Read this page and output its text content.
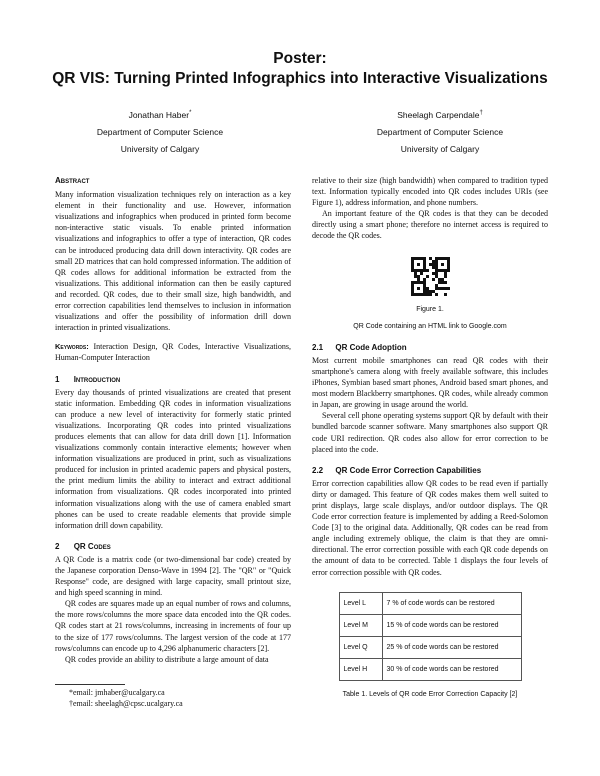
Poster:
QR VIS: Turning Printed Infographics into Interactive Visualizations
Jonathan Haber*
Department of Computer Science
University of Calgary
Sheelagh Carpendale†
Department of Computer Science
University of Calgary
Abstract

Many information visualization techniques rely on interaction as a key element in their functionality and use. However, information visualizations and infographics when produced in printed form become non-interactive static visuals. To enable printed information visualizations and infographics to offer a type of interaction, QR codes can be introduced producing data drill down interactivity. QR codes are small 2D matrices that can hold compressed information. The addition of QR codes allows for additional information be extracted from the visualizations. This additional information can then be easily captured and recorded. QR codes, due to their small size, high bandwidth, and error correction capabilities lend themselves to inclusion in information visualizations and offer the possibility of information drill down interaction in printed visualizations.

Keywords: Interaction Design, QR Codes, Interactive Visualizations, Human-Computer Interaction

1 Introduction

Every day thousands of printed visualizations are created that present static information. Embedding QR codes in information visualizations can produce a new level of interactivity for formerly static printed visualizations. Incorporating QR codes into printed visualizations produces elements that can allow for data drill down [1]. Information visualizations commonly contain interactive elements; however when information visualizations are produced in print, such as visualizations produced for inclusion in printed academic papers and physical posters, the print medium limits the ability to interact and extract additional information from visualizations. QR codes incorporated into printed information visualizations along with the use of camera enabled smart phones can be used to create readable elements that provide simple information drill down capability.

2 QR Codes

A QR Code is a matrix code (or two-dimensional bar code) created by the Japanese corporation Denso-Wave in 1994 [2]. The "QR" or "Quick Response" code, are designed with large capacity, small printout size, and high speed scanning in mind.

QR codes are squares made up an equal number of rows and columns, the more rows/columns the more space data encoded into the QR codes. QR codes start at 21 rows/columns, increasing in increments of four up to the size of 177 rows/columns. The largest version of the code at 177 rows/columns can encode up to 4,296 alphanumeric characters [2].

QR codes provide an ability to distribute a large amount of data

*email: jmhaber@ucalgary.ca
†email: sheelagh@cpsc.ucalgary.ca

relative to their size (high bandwidth) when compared to tradition typed text. Information typically encoded into QR codes includes URIs (see Figure 1), address information, and phone numbers.

An important feature of the QR codes is that they can be decoded directly using a smart phone; therefore no internet access is required to decode the QR codes.

Figure 1.
QR Code containing an HTML link to Google.com
2.1 QR Code Adoption

Most current mobile smartphones can read QR codes with their smartphone's camera along with freely available software, this includes iPhones, Symbian based smart phones, Android based smart phones, and most modern Blackberry smartphones. QR codes, while already common in Japan, are growing in usage around the world.

Several cell phone operating systems support QR by default with their bundled barcode scanner software. Many smartphones also support QR code URI redirection. QR codes also allow for error correction to be placed into the code.

2.2 QR Code Error Correction Capabilities

Error correction capabilities allow QR codes to be read even if partially dirty or damaged. This feature of QR codes makes them well suited to print displays, large scale displays, and/or outdoor displays. The QR Code error correction feature is implemented by adding a Reed-Solomon Code [3] to the original data. Additionally, QR codes can be read from angle including extremely oblique, the claim is that they are omni-directional. The error correction possible with each QR code depends on the amount of data to be corrected. Table 1 displays the four levels of error correction possible with QR codes.

Level L	7 % of code words can be restored
Level M	15 % of code words can be restored
Level Q	25 % of code words can be restored
Level H	30 % of code words can be restored
Table 1. Levels of QR code Error Correction Capacity [2]
